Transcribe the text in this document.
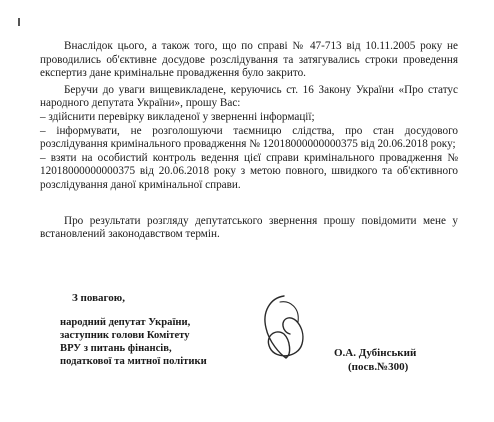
Внаслідок цього, а також того, що по справі № 47-713 від 10.11.2005 року не проводились об'єктивне досудове розслідування та затягувались строки проведення експертиз дане кримінальне провадження було закрито.

Беручи до уваги вищевикладене, керуючись ст. 16 Закону України «Про статус народного депутата України», прошу Вас:

– здійснити перевірку викладеної у зверненні інформації;

– інформувати, не розголошуючи таємницю слідства, про стан досудового розслідування кримінального провадження № 12018000000000375 від 20.06.2018 року;

– взяти на особистий контроль ведення цієї справи кримінального провадження № 12018000000000375 від 20.06.2018 року з метою повного, швидкого та об'єктивного розслідування даної кримінальної справи.

Про результати розгляду депутатського звернення прошу повідомити мене у встановлений законодавством термін.

З повагою,
народний депутат України,
заступник голови Комітету
ВРУ з питань фінансів,
податкової та митної політики
О.А. Дубінський
(посв.№300)
